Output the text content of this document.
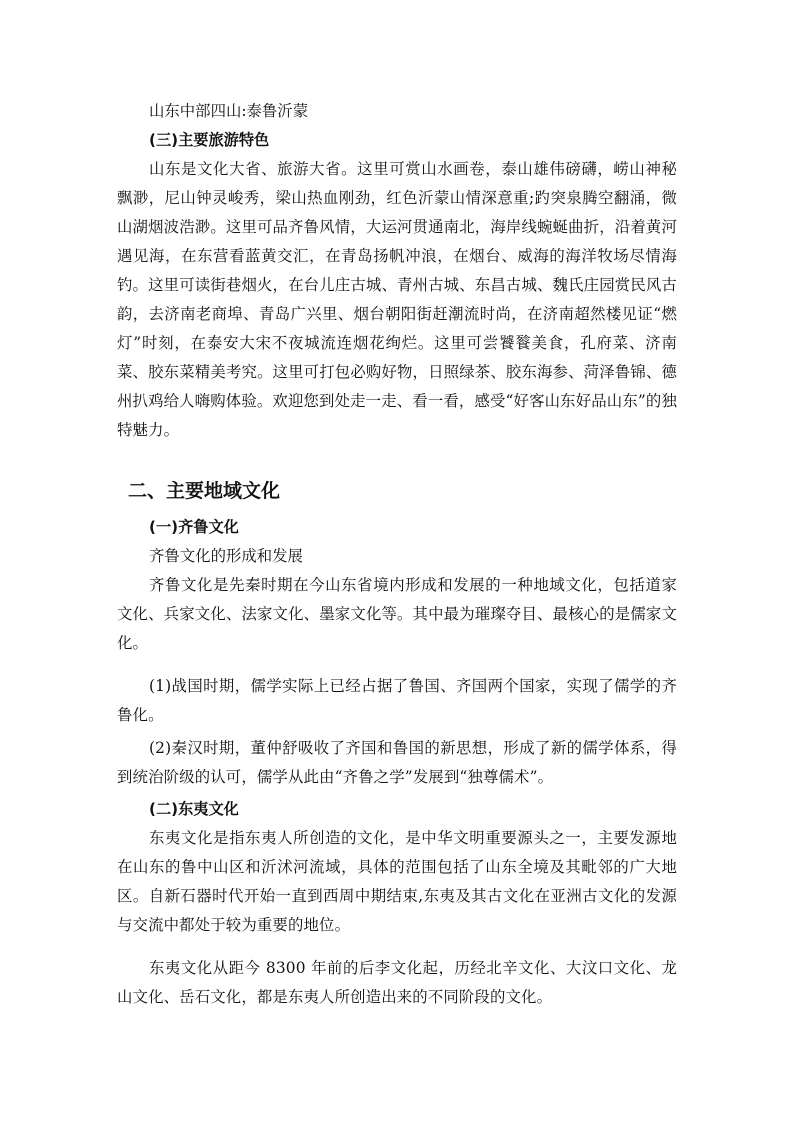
山东中部四山:泰鲁沂蒙
(三)主要旅游特色
山东是文化大省、旅游大省。这里可赏山水画卷，泰山雄伟磅礴，崂山神秘飘渺，尼山钟灵峻秀，梁山热血刚劲，红色沂蒙山情深意重;趵突泉腾空翻涌，微山湖烟波浩渺。这里可品齐鲁风情，大运河贯通南北，海岸线蜿蜒曲折，沿着黄河遇见海，在东营看蓝黄交汇，在青岛扬帆冲浪，在烟台、威海的海洋牧场尽情海钓。这里可读街巷烟火，在台儿庄古城、青州古城、东昌古城、魏氏庄园赏民风古韵，去济南老商埠、青岛广兴里、烟台朝阳街赶潮流时尚，在济南超然楼见证“燃灯”时刻，在泰安大宋不夜城流连烟花绚烂。这里可尝饕餮美食，孔府菜、济南菜、胶东菜精美考究。这里可打包必购好物，日照绿茶、胶东海参、菏泽鲁锦、德州扒鸡给人嗨购体验。欢迎您到处走一走、看一看，感受“好客山东好品山东”的独特魅力。
二、主要地域文化
(一)齐鲁文化
齐鲁文化的形成和发展
齐鲁文化是先秦时期在今山东省境内形成和发展的一种地域文化，包括道家文化、兵家文化、法家文化、墨家文化等。其中最为璀璨夺目、最核心的是儒家文化。
(1)战国时期，儒学实际上已经占据了鲁国、齐国两个国家，实现了儒学的齐鲁化。
(2)秦汉时期，董仲舒吸收了齐国和鲁国的新思想，形成了新的儒学体系，得到统治阶级的认可，儒学从此由“齐鲁之学”发展到“独尊儒术”。
(二)东夷文化
东夷文化是指东夷人所创造的文化，是中华文明重要源头之一，主要发源地在山东的鲁中山区和沂沭河流域，具体的范围包括了山东全境及其毗邻的广大地区。自新石器时代开始一直到西周中期结束,东夷及其古文化在亚洲古文化的发源与交流中都处于较为重要的地位。
东夷文化从距今 8300 年前的后李文化起，历经北辛文化、大汶口文化、龙山文化、岳石文化，都是东夷人所创造出来的不同阶段的文化。
